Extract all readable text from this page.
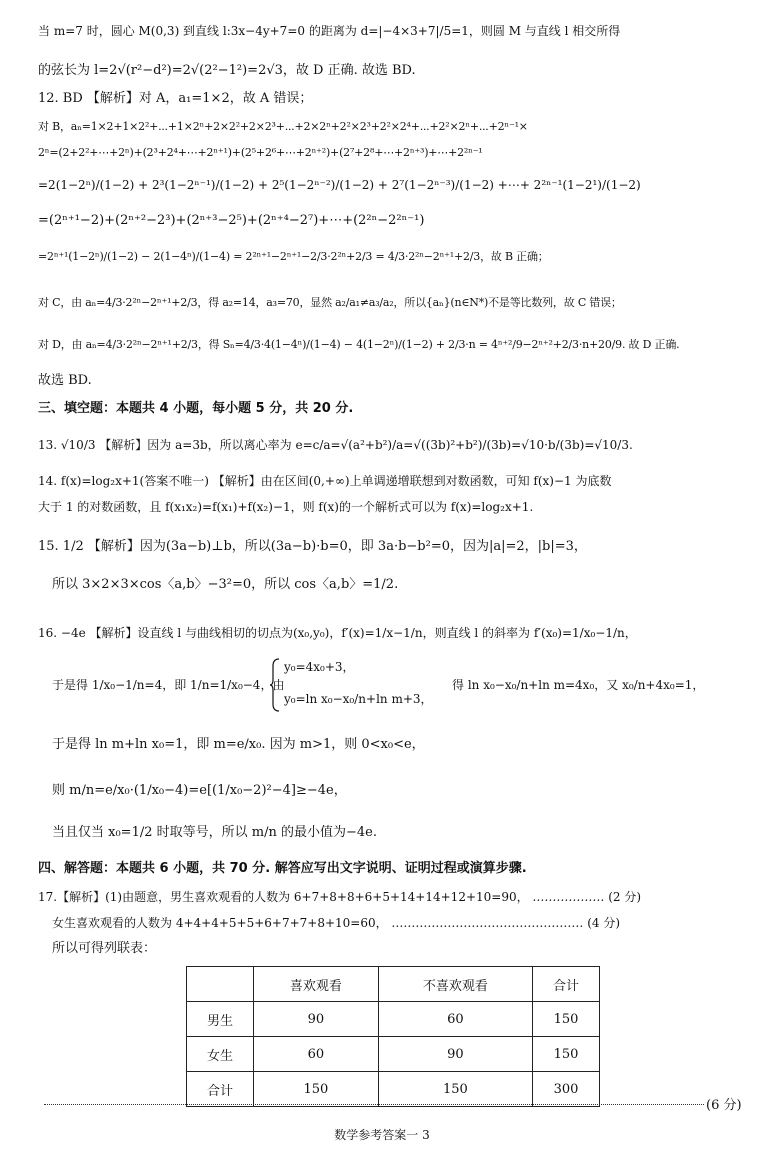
当 m=7 时，圆心 M(0,3) 到直线 l:3x−4y+7=0 的距离为 d=|−4×3+7|/5=1，则圆 M 与直线 l 相交所得
的弦长为 l=2√(r²−d²)=2√(2²−1²)=2√3，故 D 正确. 故选 BD.
12. BD 【解析】对 A，a₁=1×2，故 A 错误；
对 B，aₙ=1×2+1×2²+⋯+1×2ⁿ+2×2²+2×2³+⋯+2×2ⁿ+2²×2³+2²×2⁴+⋯+2²×2ⁿ+⋯+2ⁿ⁻¹×
2ⁿ=(2+2²+⋯+2ⁿ)+(2³+2⁴+⋯+2ⁿ⁺¹)+(2⁵+2⁶+⋯+2ⁿ⁺²)+(2⁷+2⁸+⋯+2ⁿ⁺³)+⋯+2²ⁿ⁻¹
=2(1−2ⁿ)/(1−2) + 2³(1−2ⁿ⁻¹)/(1−2) + 2⁵(1−2ⁿ⁻²)/(1−2) + 2⁷(1−2ⁿ⁻³)/(1−2) +⋯+ 2²ⁿ⁻¹(1−2¹)/(1−2)
=(2ⁿ⁺¹−2)+(2ⁿ⁺²−2³)+(2ⁿ⁺³−2⁵)+(2ⁿ⁺⁴−2⁷)+⋯+(2²ⁿ−2²ⁿ⁻¹)
=2ⁿ⁺¹(1−2ⁿ)/(1−2) − 2(1−4ⁿ)/(1−4) = 2²ⁿ⁺¹−2ⁿ⁺¹−2/3·2²ⁿ+2/3 = 4/3·2²ⁿ−2ⁿ⁺¹+2/3，故 B 正确；
对 C，由 aₙ=4/3·2²ⁿ−2ⁿ⁺¹+2/3，得 a₂=14，a₃=70，显然 a₂/a₁≠a₃/a₂，所以{aₙ}(n∈N*)不是等比数列，故 C 错误；
对 D，由 aₙ=4/3·2²ⁿ−2ⁿ⁺¹+2/3，得 Sₙ=4/3·4(1−4ⁿ)/(1−4) − 4(1−2ⁿ)/(1−2) + 2/3·n = 4ⁿ⁺²/9−2ⁿ⁺²+2/3·n+20/9. 故 D 正确.
故选 BD.
三、填空题：本题共 4 小题，每小题 5 分，共 20 分.
13. √10/3 【解析】因为 a=3b，所以离心率为 e=c/a=√(a²+b²)/a=√((3b)²+b²)/(3b)=√10·b/(3b)=√10/3.
14. f(x)=log₂x+1(答案不唯一) 【解析】由在区间(0,+∞)上单调递增联想到对数函数，可知 f(x)−1 为底数
大于 1 的对数函数，且 f(x₁x₂)=f(x₁)+f(x₂)−1，则 f(x)的一个解析式可以为 f(x)=log₂x+1.
15. 1/2 【解析】因为(3a−b)⊥b，所以(3a−b)·b=0，即 3a·b−b²=0，因为|a|=2，|b|=3，
所以 3×2×3×cos〈a,b〉−3²=0，所以 cos〈a,b〉=1/2.
16. −4e 【解析】设直线 l 与曲线相切的切点为(x₀,y₀)，f′(x)=1/x−1/n，则直线 l 的斜率为 f′(x₀)=1/x₀−1/n，
于是得 1/x₀−1/n=4，即 1/n=1/x₀−4，由
y₀=4x₀+3，
y₀=ln x₀−x₀/n+ln m+3，
得 ln x₀−x₀/n+ln m=4x₀，又 x₀/n+4x₀=1，
于是得 ln m+ln x₀=1，即 m=e/x₀. 因为 m>1，则 0<x₀<e，
则 m/n=e/x₀·(1/x₀−4)=e[(1/x₀−2)²−4]≥−4e，
当且仅当 x₀=1/2 时取等号，所以 m/n 的最小值为−4e.
四、解答题：本题共 6 小题，共 70 分. 解答应写出文字说明、证明过程或演算步骤.
17.【解析】(1)由题意，男生喜欢观看的人数为 6+7+8+8+6+5+14+14+12+10=90， ……………… (2 分)
女生喜欢观看的人数为 4+4+4+5+5+6+7+7+8+10=60， ………………………………………… (4 分)
所以可得列联表：
	喜欢观看	不喜欢观看	合计
男生	90	60	150
女生	60	90	150
合计	150	150	300
(6 分)
数学参考答案一 3
